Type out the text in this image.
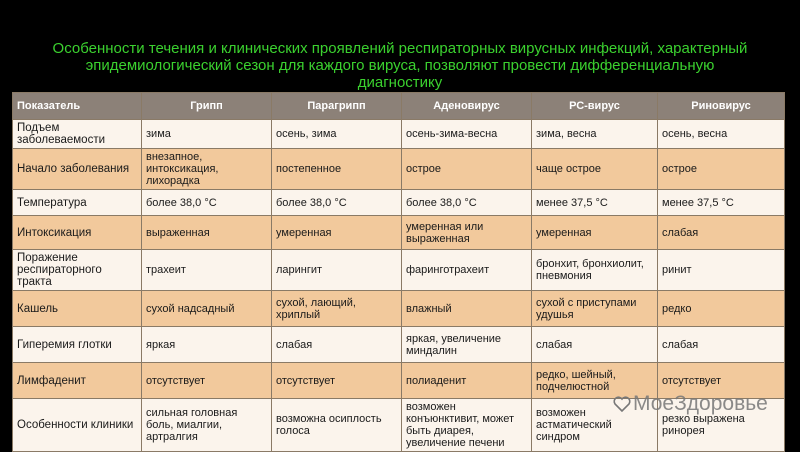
Особенности течения и клинических проявлений респираторных вирусных инфекций, характерный
эпидемиологический сезон для каждого вируса, позволяют провести дифференциальную
диагностику
Показатель	Грипп	Парагрипп	Аденовирус	РС-вирус	Риновирус
Подъем заболеваемости	зима	осень, зима	осень-зима-весна	зима, весна	осень, весна
Начало заболевания	внезапное, интоксикация, лихорадка	постепенное	острое	чаще острое	острое
Температура	более 38,0 °С	более 38,0 °С	более 38,0 °С	менее 37,5 °С	менее 37,5 °С
Интоксикация	выраженная	умеренная	умеренная или выраженная	умеренная	слабая
Поражение респираторного тракта	трахеит	ларингит	фаринготрахеит	бронхит, бронхиолит, пневмония	ринит
Кашель	сухой надсадный	сухой, лающий, хриплый	влажный	сухой с приступами удушья	редко
Гиперемия глотки	яркая	слабая	яркая, увеличение миндалин	слабая	слабая
Лимфаденит	отсутствует	отсутствует	полиаденит	редко, шейный, подчелюстной	отсутствует
Особенности клиники	сильная головная боль, миалгии, артралгия	возможна осиплость голоса	возможен конъюнктивит, может быть диарея, увеличение печени	возможен астматический синдром	резко выражена ринорея
МоеЗдоровье
